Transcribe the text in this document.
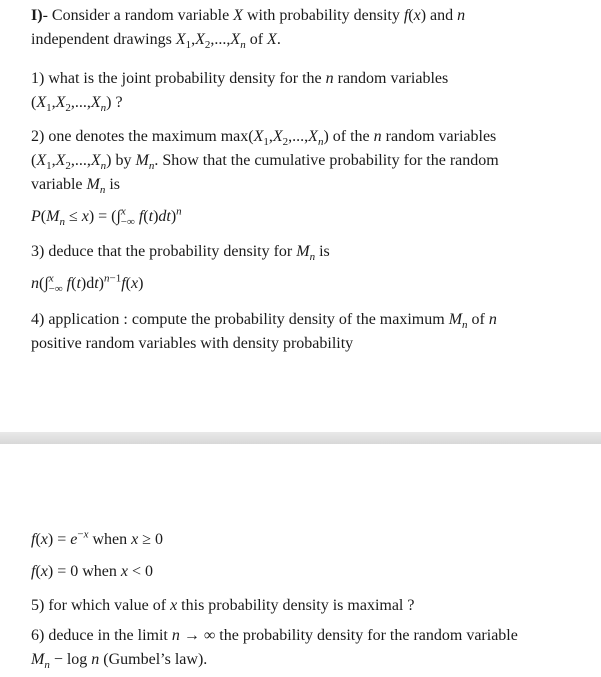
I)- Consider a random variable X with probability density f(x) and n
independent drawings $X_1,X_2,...,X_n$ of X.
1) what is the joint probability density for the n random variables
$(X_1,X_2,...,X_n)$ ?
2) one denotes the maximum $\max(X_1,X_2,...,X_n)$ of the n random variables
$(X_1,X_2,...,X_n)$ by $M_n$. Show that the cumulative probability for the random
variable $M_n$ is
$P(M_n \le x) = (\int^x_{-\infty}$ f(t)dt)$^n$
3) deduce that the probability density for $M_n$ is
n(∫$^x_{-\infty}$ f(t)dt)$^{n-1}$f(x)
4) application : compute the probability density of the maximum $M_n$ of n
positive random variables with density probability
$f(x) = e^{-x}$ when x ≥ 0
f(x) = 0 when x < 0
5) for which value of x this probability density is maximal ?
6) deduce in the limit n → ∞ the probability density for the random variable
$M_n - \log n$ (Gumbel’s law).
